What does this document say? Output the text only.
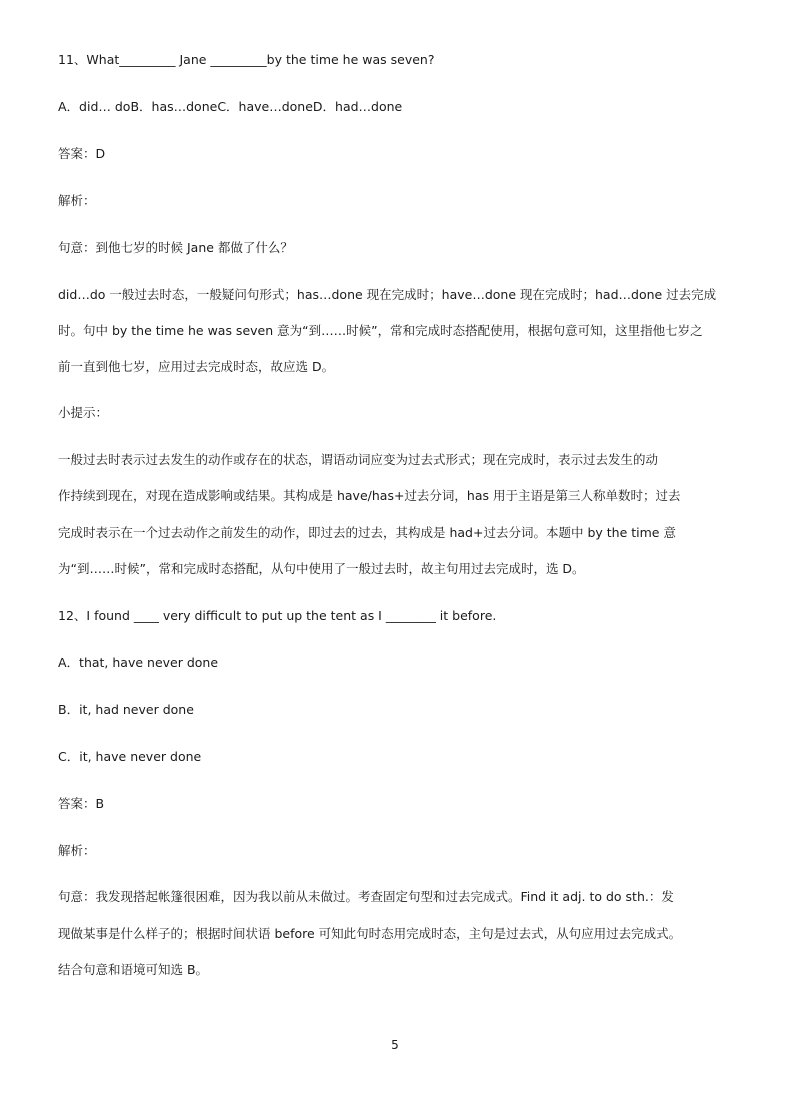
11、What_________ Jane _________by the time he was seven?
A．did… doB．has…doneC．have…doneD．had…done
答案：D
解析：
句意：到他七岁的时候 Jane 都做了什么？
did…do 一般过去时态，一般疑问句形式；has…done 现在完成时；have…done 现在完成时；had…done 过去完成
时。句中 by the time he was seven 意为“到……时候”，常和完成时态搭配使用，根据句意可知，这里指他七岁之
前一直到他七岁，应用过去完成时态，故应选 D。
小提示：
一般过去时表示过去发生的动作或存在的状态，谓语动词应变为过去式形式；现在完成时，表示过去发生的动
作持续到现在，对现在造成影响或结果。其构成是 have/has+过去分词，has 用于主语是第三人称单数时；过去
完成时表示在一个过去动作之前发生的动作，即过去的过去，其构成是 had+过去分词。本题中 by the time 意
为“到……时候”，常和完成时态搭配，从句中使用了一般过去时，故主句用过去完成时，选 D。
12、I found ____ very difficult to put up the tent as I ________ it before.
A．that, have never done
B．it, had never done
C．it, have never done
答案：B
解析：
句意：我发现搭起帐篷很困难，因为我以前从未做过。考查固定句型和过去完成式。Find it adj. to do sth.：发
现做某事是什么样子的；根据时间状语 before 可知此句时态用完成时态，主句是过去式，从句应用过去完成式。
结合句意和语境可知选 B。
5
